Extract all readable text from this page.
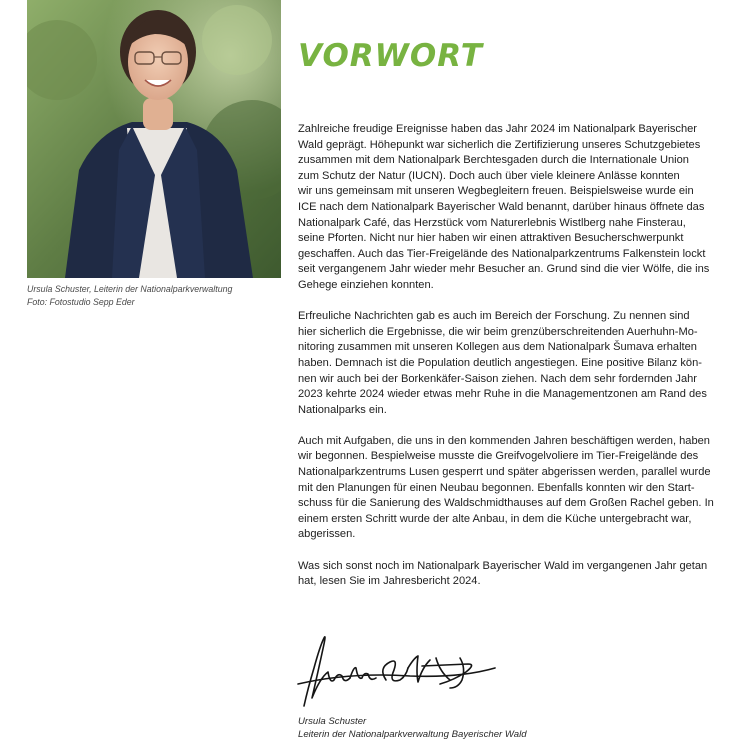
Ursula Schuster, Leiterin der Nationalparkverwaltung
Foto: Fotostudio Sepp Eder
VORWORT

Zahlreiche freudige Ereignisse haben das Jahr 2024 im Nationalpark Bayerischer
Wald geprägt. Höhepunkt war sicherlich die Zertifizierung unseres Schutzgebietes
zusammen mit dem Nationalpark Berchtesgaden durch die Internationale Union
zum Schutz der Natur (IUCN). Doch auch über viele kleinere Anlässe konnten
wir uns gemeinsam mit unseren Wegbegleitern freuen. Beispielsweise wurde ein
ICE nach dem Nationalpark Bayerischer Wald benannt, darüber hinaus öffnete das
Nationalpark Café, das Herzstück vom Naturerlebnis Wistlberg nahe Finsterau,
seine Pforten. Nicht nur hier haben wir einen attraktiven Besucherschwerpunkt
geschaffen. Auch das Tier-Freigelände des Nationalparkzentrums Falkenstein lockt
seit vergangenem Jahr wieder mehr Besucher an. Grund sind die vier Wölfe, die ins
Gehege einziehen konnten.

Erfreuliche Nachrichten gab es auch im Bereich der Forschung. Zu nennen sind
hier sicherlich die Ergebnisse, die wir beim grenzüberschreitenden Auerhuhn-Mo-
nitoring zusammen mit unseren Kollegen aus dem Nationalpark Šumava erhalten
haben. Demnach ist die Population deutlich angestiegen. Eine positive Bilanz kön-
nen wir auch bei der Borkenkäfer-Saison ziehen. Nach dem sehr fordernden Jahr
2023 kehrte 2024 wieder etwas mehr Ruhe in die Managementzonen am Rand des
Nationalparks ein.

Auch mit Aufgaben, die uns in den kommenden Jahren beschäftigen werden, haben
wir begonnen. Bespielweise musste die Greifvogelvoliere im Tier-Freigelände des
Nationalparkzentrums Lusen gesperrt und später abgerissen werden, parallel wurde
mit den Planungen für einen Neubau begonnen. Ebenfalls konnten wir den Start-
schuss für die Sanierung des Waldschmidthauses auf dem Großen Rachel geben. In
einem ersten Schritt wurde der alte Anbau, in dem die Küche untergebracht war,
abgerissen.

Was sich sonst noch im Nationalpark Bayerischer Wald im vergangenen Jahr getan
hat, lesen Sie im Jahresbericht 2024.

Ursula Schuster
Leiterin der Nationalparkverwaltung Bayerischer Wald
